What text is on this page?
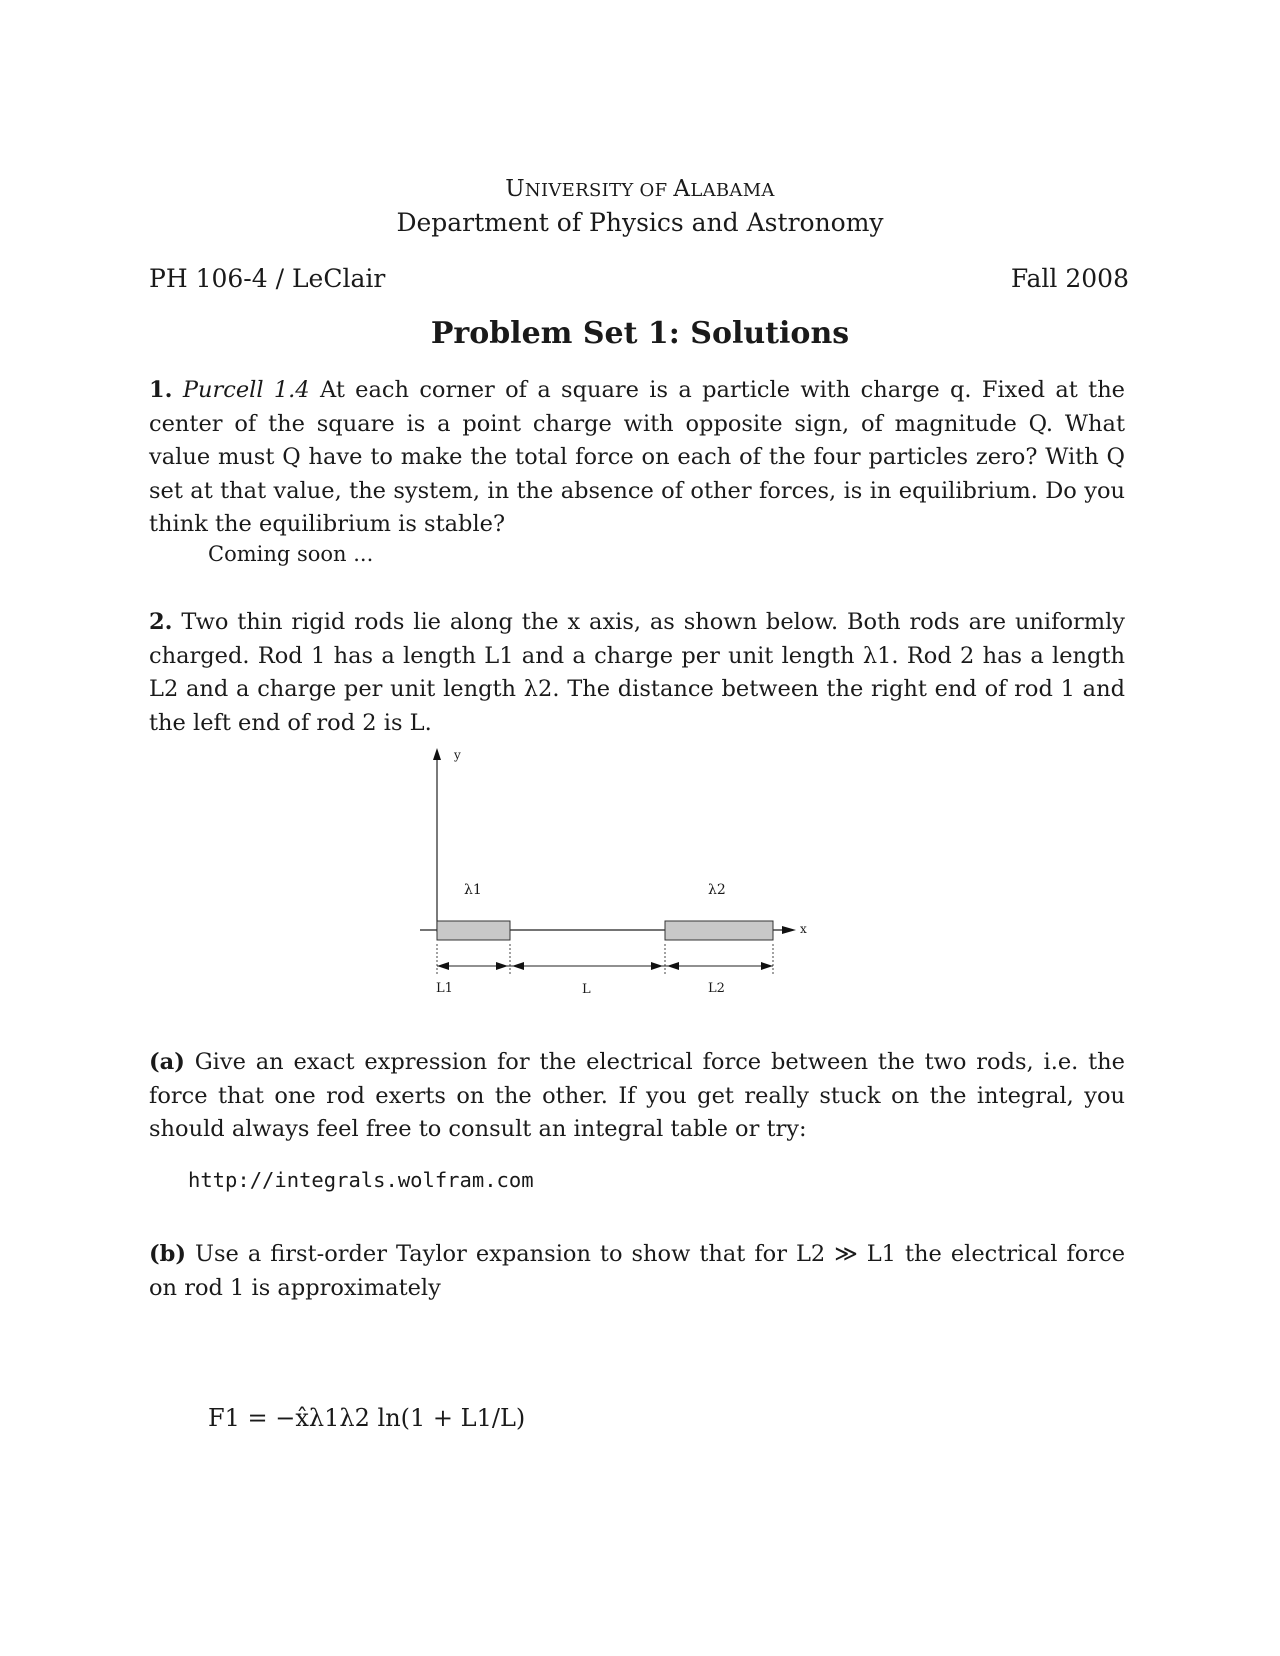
UNIVERSITY OF ALABAMA
Department of Physics and Astronomy
PH 106-4 / LeClair	Fall 2008
Problem Set 1: Solutions
1. Purcell 1.4 At each corner of a square is a particle with charge q. Fixed at the center of the square is a point charge with opposite sign, of magnitude Q. What value must Q have to make the total force on each of the four particles zero? With Q set at that value, the system, in the absence of other forces, is in equilibrium. Do you think the equilibrium is stable?
Coming soon ...
2. Two thin rigid rods lie along the x axis, as shown below. Both rods are uniformly charged. Rod 1 has a length L1 and a charge per unit length λ1. Rod 2 has a length L2 and a charge per unit length λ2. The distance between the right end of rod 1 and the left end of rod 2 is L.
y
x
λ1	λ2
L1	L	L2
(a) Give an exact expression for the electrical force between the two rods, i.e. the force that one rod exerts on the other. If you get really stuck on the integral, you should always feel free to consult an integral table or try:
http://integrals.wolfram.com
(b) Use a first-order Taylor expansion to show that for L2 ≫ L1 the electrical force on rod 1 is approximately
F1 = −x̂λ1λ2 ln(1 + L1/L)
